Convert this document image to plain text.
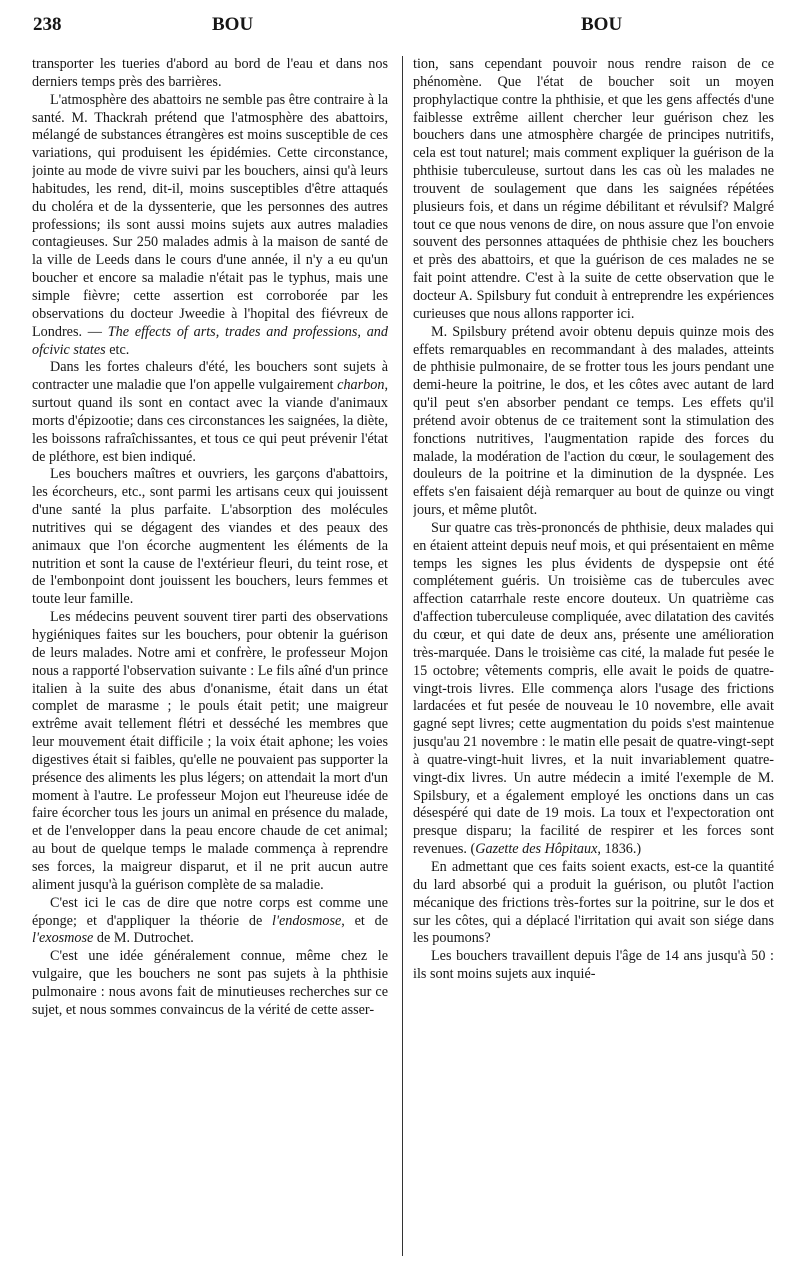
238	BOU	BOU

transporter les tueries d'abord au bord de l'eau et dans nos derniers temps près des barrières.

L'atmosphère des abattoirs ne semble pas être contraire à la santé. M. Thackrah prétend que l'atmosphère des abattoirs, mélangé de substances étrangères est moins susceptible de ces variations, qui produisent les épidémies. Cette circonstance, jointe au mode de vivre suivi par les bouchers, ainsi qu'à leurs habitudes, les rend, dit-il, moins susceptibles d'être attaqués du choléra et de la dyssenterie, que les personnes des autres professions; ils sont aussi moins sujets aux autres maladies contagieuses. Sur 250 malades admis à la maison de santé de la ville de Leeds dans le cours d'une année, il n'y a eu qu'un boucher et encore sa maladie n'était pas le typhus, mais une simple fièvre; cette assertion est corroborée par les observations du docteur Jweedie à l'hopital des fiévreux de Londres. — The effects of arts, trades and professions, and ofcivic states etc.

Dans les fortes chaleurs d'été, les bouchers sont sujets à contracter une maladie que l'on appelle vulgairement charbon, surtout quand ils sont en contact avec la viande d'animaux morts d'épizootie; dans ces circonstances les saignées, la diète, les boissons rafraîchissantes, et tous ce qui peut prévenir l'état de pléthore, est bien indiqué.

Les bouchers maîtres et ouvriers, les garçons d'abattoirs, les écorcheurs, etc., sont parmi les artisans ceux qui jouissent d'une santé la plus parfaite. L'absorption des molécules nutritives qui se dégagent des viandes et des peaux des animaux que l'on écorche augmentent les éléments de la nutrition et sont la cause de l'extérieur fleuri, du teint rose, et de l'embonpoint dont jouissent les bouchers, leurs femmes et toute leur famille.

Les médecins peuvent souvent tirer parti des observations hygiéniques faites sur les bouchers, pour obtenir la guérison de leurs malades. Notre ami et confrère, le professeur Mojon nous a rapporté l'observation suivante : Le fils aîné d'un prince italien à la suite des abus d'onanisme, était dans un état complet de marasme ; le pouls était petit; une maigreur extrême avait tellement flétri et desséché les membres que leur mouvement était difficile ; la voix était aphone; les voies digestives était si faibles, qu'elle ne pouvaient pas supporter la présence des aliments les plus légers; on attendait la mort d'un moment à l'autre. Le professeur Mojon eut l'heureuse idée de faire écorcher tous les jours un animal en présence du malade, et de l'envelopper dans la peau encore chaude de cet animal; au bout de quelque temps le malade commença à reprendre ses forces, la maigreur disparut, et il ne prit aucun autre aliment jusqu'à la guérison complète de sa maladie.

C'est ici le cas de dire que notre corps est comme une éponge; et d'appliquer la théorie de l'endosmose, et de l'exosmose de M. Dutrochet.

C'est une idée généralement connue, même chez le vulgaire, que les bouchers ne sont pas sujets à la phthisie pulmonaire : nous avons fait de minutieuses recherches sur ce sujet, et nous sommes convaincus de la vérité de cette asser-

tion, sans cependant pouvoir nous rendre raison de ce phénomène. Que l'état de boucher soit un moyen prophylactique contre la phthisie, et que les gens affectés d'une faiblesse extrême aillent chercher leur guérison chez les bouchers dans une atmosphère chargée de principes nutritifs, cela est tout naturel; mais comment expliquer la guérison de la phthisie tuberculeuse, surtout dans les cas où les malades ne trouvent de soulagement que dans les saignées répétées plusieurs fois, et dans un régime débilitant et révulsif? Malgré tout ce que nous venons de dire, on nous assure que l'on envoie souvent des personnes attaquées de phthisie chez les bouchers et près des abattoirs, et que la guérison de ces malades ne se fait point attendre. C'est à la suite de cette observation que le docteur A. Spilsbury fut conduit à entreprendre les expériences curieuses que nous allons rapporter ici.

M. Spilsbury prétend avoir obtenu depuis quinze mois des effets remarquables en recommandant à des malades, atteints de phthisie pulmonaire, de se frotter tous les jours pendant une demi-heure la poitrine, le dos, et les côtes avec autant de lard qu'il peut s'en absorber pendant ce temps. Les effets qu'il prétend avoir obtenus de ce traitement sont la stimulation des fonctions nutritives, l'augmentation rapide des forces du malade, la modération de l'action du cœur, le soulagement des douleurs de la poitrine et la diminution de la dyspnée. Les effets s'en faisaient déjà remarquer au bout de quinze ou vingt jours, et même plutôt.

Sur quatre cas très-prononcés de phthisie, deux malades qui en étaient atteint depuis neuf mois, et qui présentaient en même temps les signes les plus évidents de dyspepsie ont été complétement guéris. Un troisième cas de tubercules avec affection catarrhale reste encore douteux. Un quatrième cas d'affection tuberculeuse compliquée, avec dilatation des cavités du cœur, et qui date de deux ans, présente une amélioration très-marquée. Dans le troisième cas cité, la malade fut pesée le 15 octobre; vêtements compris, elle avait le poids de quatre-vingt-trois livres. Elle commença alors l'usage des frictions lardacées et fut pesée de nouveau le 10 novembre, elle avait gagné sept livres; cette augmentation du poids s'est maintenue jusqu'au 21 novembre : le matin elle pesait de quatre-vingt-sept à quatre-vingt-huit livres, et la nuit invariablement quatre-vingt-dix livres. Un autre médecin a imité l'exemple de M. Spilsbury, et a également employé les onctions dans un cas désespéré qui date de 19 mois. La toux et l'expectoration ont presque disparu; la facilité de respirer et les forces sont revenues. (Gazette des Hôpitaux, 1836.)

En admettant que ces faits soient exacts, est-ce la quantité du lard absorbé qui a produit la guérison, ou plutôt l'action mécanique des frictions très-fortes sur la poitrine, sur le dos et sur les côtes, qui a déplacé l'irritation qui avait son siége dans les poumons?

Les bouchers travaillent depuis l'âge de 14 ans jusqu'à 50 : ils sont moins sujets aux inquié-
